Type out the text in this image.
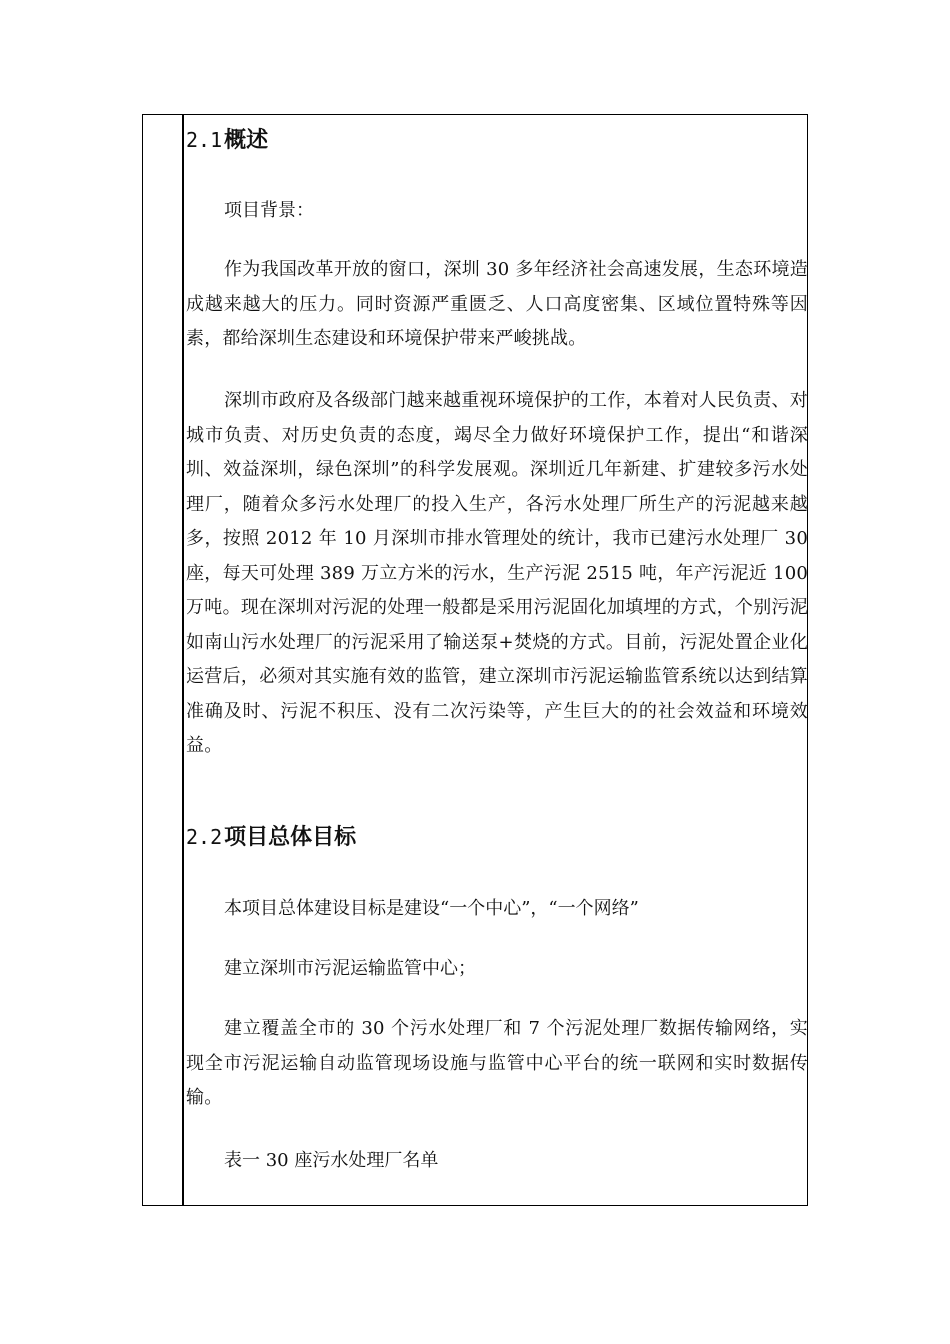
2.1概述
项目背景：
作为我国改革开放的窗口，深圳 30 多年经济社会高速发展，生态环境造成越来越大的压力。同时资源严重匮乏、人口高度密集、区域位置特殊等因素，都给深圳生态建设和环境保护带来严峻挑战。
深圳市政府及各级部门越来越重视环境保护的工作，本着对人民负责、对城市负责、对历史负责的态度，竭尽全力做好环境保护工作，提出“和谐深圳、效益深圳，绿色深圳”的科学发展观。深圳近几年新建、扩建较多污水处理厂，随着众多污水处理厂的投入生产，各污水处理厂所生产的污泥越来越多，按照 2012 年 10 月深圳市排水管理处的统计，我市已建污水处理厂 30 座，每天可处理 389 万立方米的污水，生产污泥 2515 吨，年产污泥近 100 万吨。现在深圳对污泥的处理一般都是采用污泥固化加填埋的方式，个别污泥如南山污水处理厂的污泥采用了输送泵+焚烧的方式。目前，污泥处置企业化运营后，必须对其实施有效的监管，建立深圳市污泥运输监管系统以达到结算准确及时、污泥不积压、没有二次污染等，产生巨大的的社会效益和环境效益。
2.2项目总体目标
本项目总体建设目标是建设“一个中心”，“一个网络”
建立深圳市污泥运输监管中心；
建立覆盖全市的 30 个污水处理厂和 7 个污泥处理厂数据传输网络，实现全市污泥运输自动监管现场设施与监管中心平台的统一联网和实时数据传输。
表一 30 座污水处理厂名单
